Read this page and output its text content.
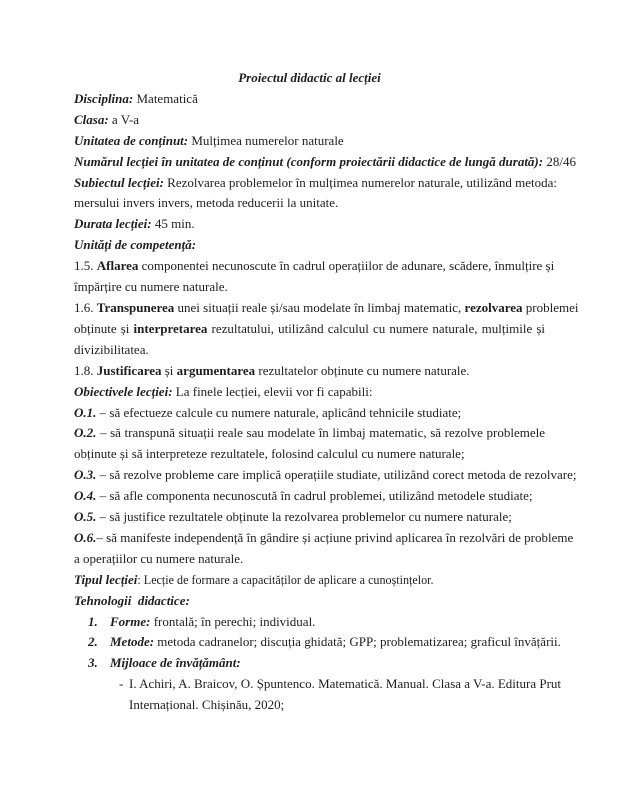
Proiectul didactic al lecției
Disciplina: Matematică
Clasa: a V-a
Unitatea de conținut: Mulțimea numerelor naturale
Numărul lecției în unitatea de conținut (conform proiectării didactice de lungă durată): 28/46
Subiectul lecției: Rezolvarea problemelor în mulțimea numerelor naturale, utilizând metoda:
mersului invers invers, metoda reducerii la unitate.
Durata lecției: 45 min.
Unități de competență:
1.5. Aflarea componentei necunoscute în cadrul operațiilor de adunare, scădere, înmulțire și
împărțire cu numere naturale.
1.6. Transpunerea unei situații reale și/sau modelate în limbaj matematic, rezolvarea problemei
obținute și interpretarea rezultatului, utilizând calculul cu numere naturale, mulțimile și
divizibilitatea.
1.8. Justificarea și argumentarea rezultatelor obținute cu numere naturale.
Obiectivele lecției: La finele lecției, elevii vor fi capabili:
O.1. – să efectueze calcule cu numere naturale, aplicând tehnicile studiate;
O.2. – să transpună situații reale sau modelate în limbaj matematic, să rezolve problemele
obținute și să interpreteze rezultatele, folosind calculul cu numere naturale;
O.3. – să rezolve probleme care implică operațiile studiate, utilizând corect metoda de rezolvare;
O.4. – să afle componenta necunoscută în cadrul problemei, utilizând metodele studiate;
O.5. – să justifice rezultatele obținute la rezolvarea problemelor cu numere naturale;
O.6.– să manifeste independență în gândire și acțiune privind aplicarea în rezolvări de probleme
a operațiilor cu numere naturale.
Tipul lecției: Lecție de formare a capacităților de aplicare a cunoștințelor.
Tehnologii  didactice:
1. Forme: frontală; în perechi; individual.
2. Metode: metoda cadranelor; discuția ghidată; GPP; problematizarea; graficul învățării.
3. Mijloace de învățământ:
- I. Achiri, A. Braicov, O. Șpuntenco. Matematică. Manual. Clasa a V-a. Editura Prut
Internațional. Chișinău, 2020;
